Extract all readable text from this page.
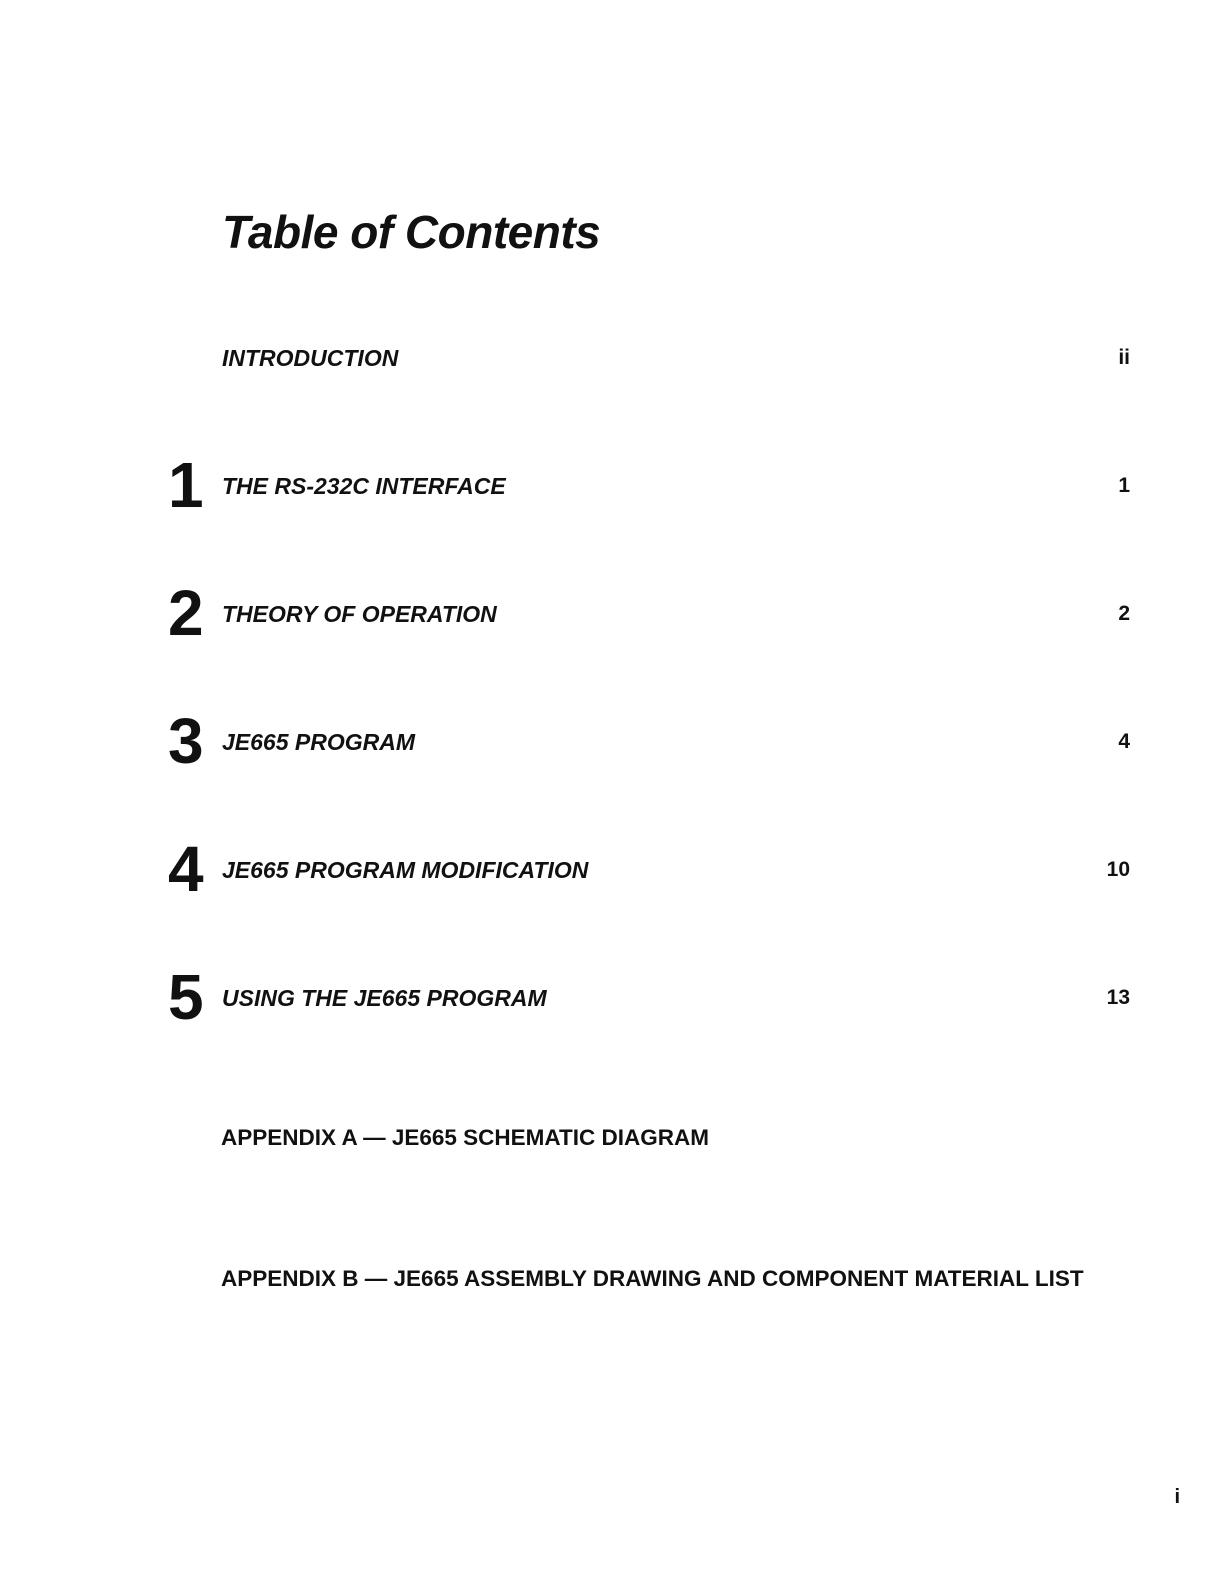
Table of Contents
INTRODUCTION	ii
1 THE RS-232C INTERFACE	1
2 THEORY OF OPERATION	2
3 JE665 PROGRAM	4
4 JE665 PROGRAM MODIFICATION	10
5 USING THE JE665 PROGRAM	13
APPENDIX A — JE665 SCHEMATIC DIAGRAM
APPENDIX B — JE665 ASSEMBLY DRAWING AND COMPONENT MATERIAL LIST
i
